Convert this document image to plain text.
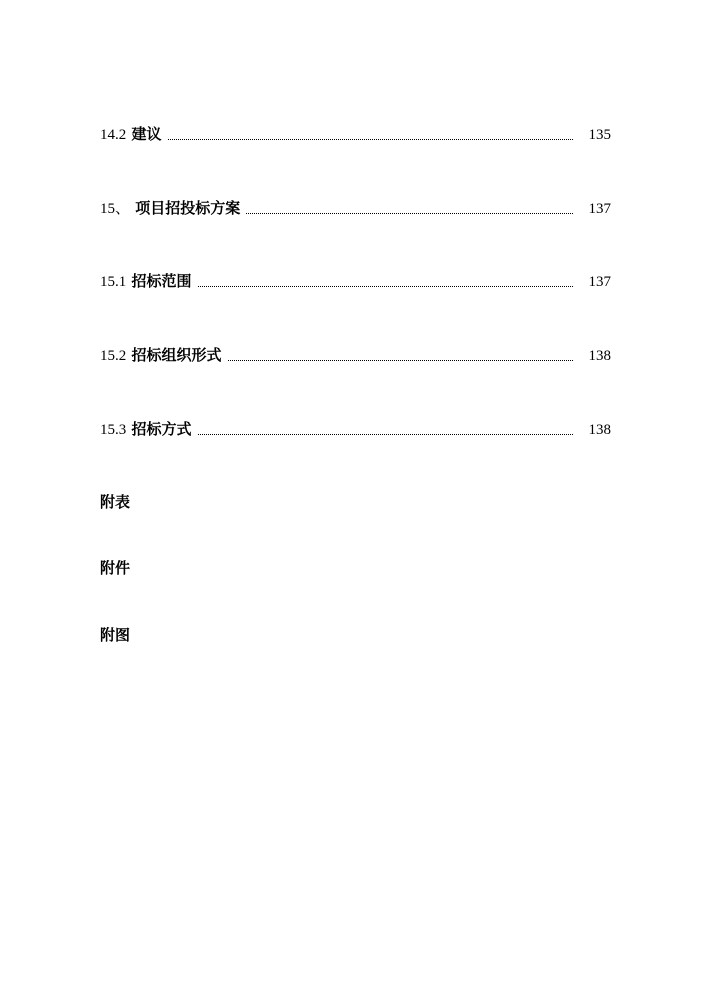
14.2 建议	135
15、 项目招投标方案	137
15.1 招标范围	137
15.2 招标组织形式	138
15.3 招标方式	138
附表
附件
附图
